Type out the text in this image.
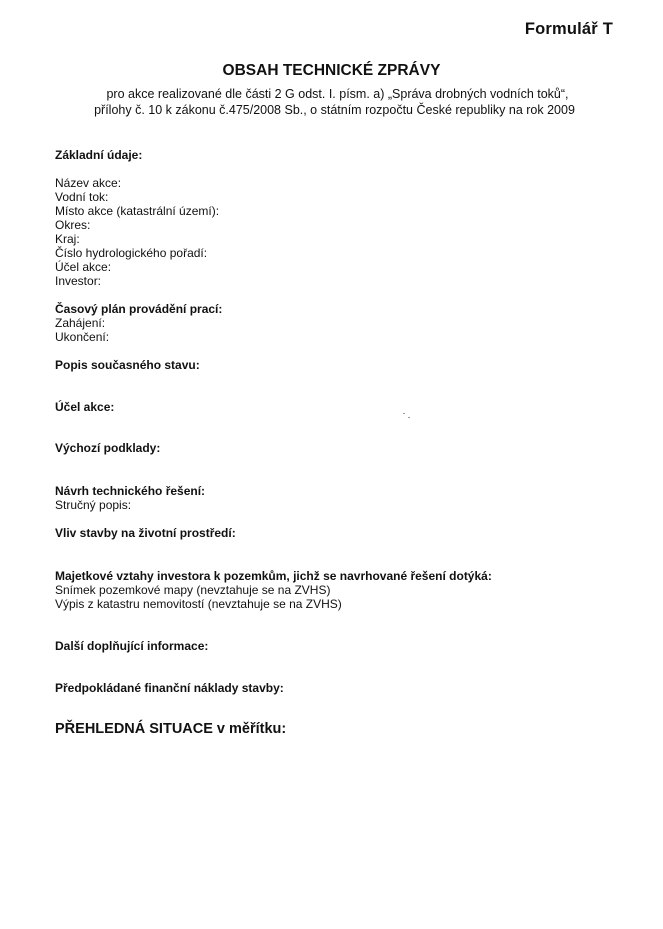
Formulář T
OBSAH TECHNICKÉ ZPRÁVY
pro akce realizované dle části 2 G odst. I. písm. a) „Správa drobných vodních toků“,
přílohy č. 10 k zákonu č.475/2008 Sb., o státním rozpočtu České republiky na rok 2009
Základní údaje:
Název akce:
Vodní tok:
Místo akce (katastrální území):
Okres:
Kraj:
Číslo hydrologického pořadí:
Účel akce:
Investor:
Časový plán provádění prací:
Zahájení:
Ukončení:
Popis současného stavu:
Účel akce:
Výchozí podklady:
Návrh technického řešení:
Stručný popis:
Vliv stavby na životní prostředí:
Majetkové vztahy investora k pozemkům, jichž se navrhované řešení dotýká:
Snímek pozemkové mapy (nevztahuje se na ZVHS)
Výpis z katastru nemovitostí (nevztahuje se na ZVHS)
Další doplňující informace:
Předpokládané finanční náklady stavby:
PŘEHLEDNÁ SITUACE v měřítku:
